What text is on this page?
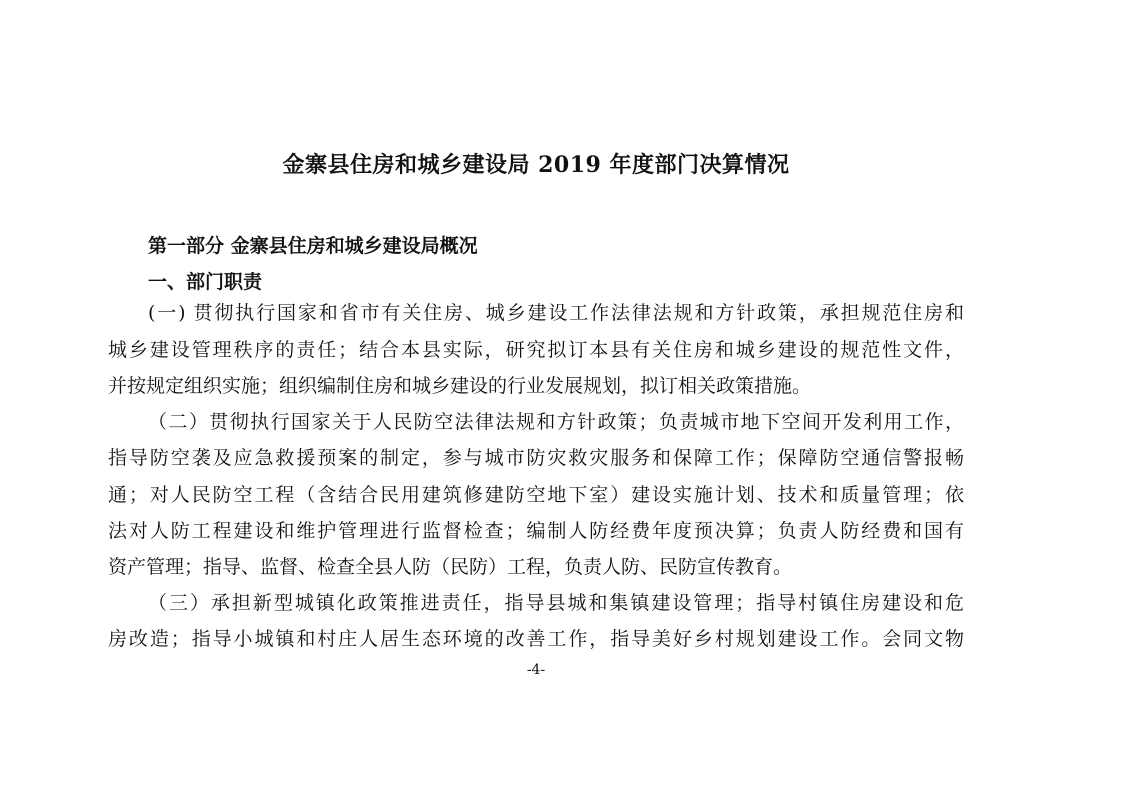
金寨县住房和城乡建设局 2019 年度部门决算情况
第一部分 金寨县住房和城乡建设局概况
一、部门职责
(一) 贯彻执行国家和省市有关住房、城乡建设工作法律法规和方针政策，承担规范住房和
城乡建设管理秩序的责任；结合本县实际，研究拟订本县有关住房和城乡建设的规范性文件，
并按规定组织实施；组织编制住房和城乡建设的行业发展规划，拟订相关政策措施。
（二）贯彻执行国家关于人民防空法律法规和方针政策；负责城市地下空间开发利用工作，
指导防空袭及应急救援预案的制定，参与城市防灾救灾服务和保障工作；保障防空通信警报畅
通；对人民防空工程（含结合民用建筑修建防空地下室）建设实施计划、技术和质量管理；依
法对人防工程建设和维护管理进行监督检查；编制人防经费年度预决算；负责人防经费和国有
资产管理；指导、监督、检查全县人防（民防）工程，负责人防、民防宣传教育。
（三）承担新型城镇化政策推进责任，指导县城和集镇建设管理；指导村镇住房建设和危
房改造；指导小城镇和村庄人居生态环境的改善工作，指导美好乡村规划建设工作。会同文物
-4-
